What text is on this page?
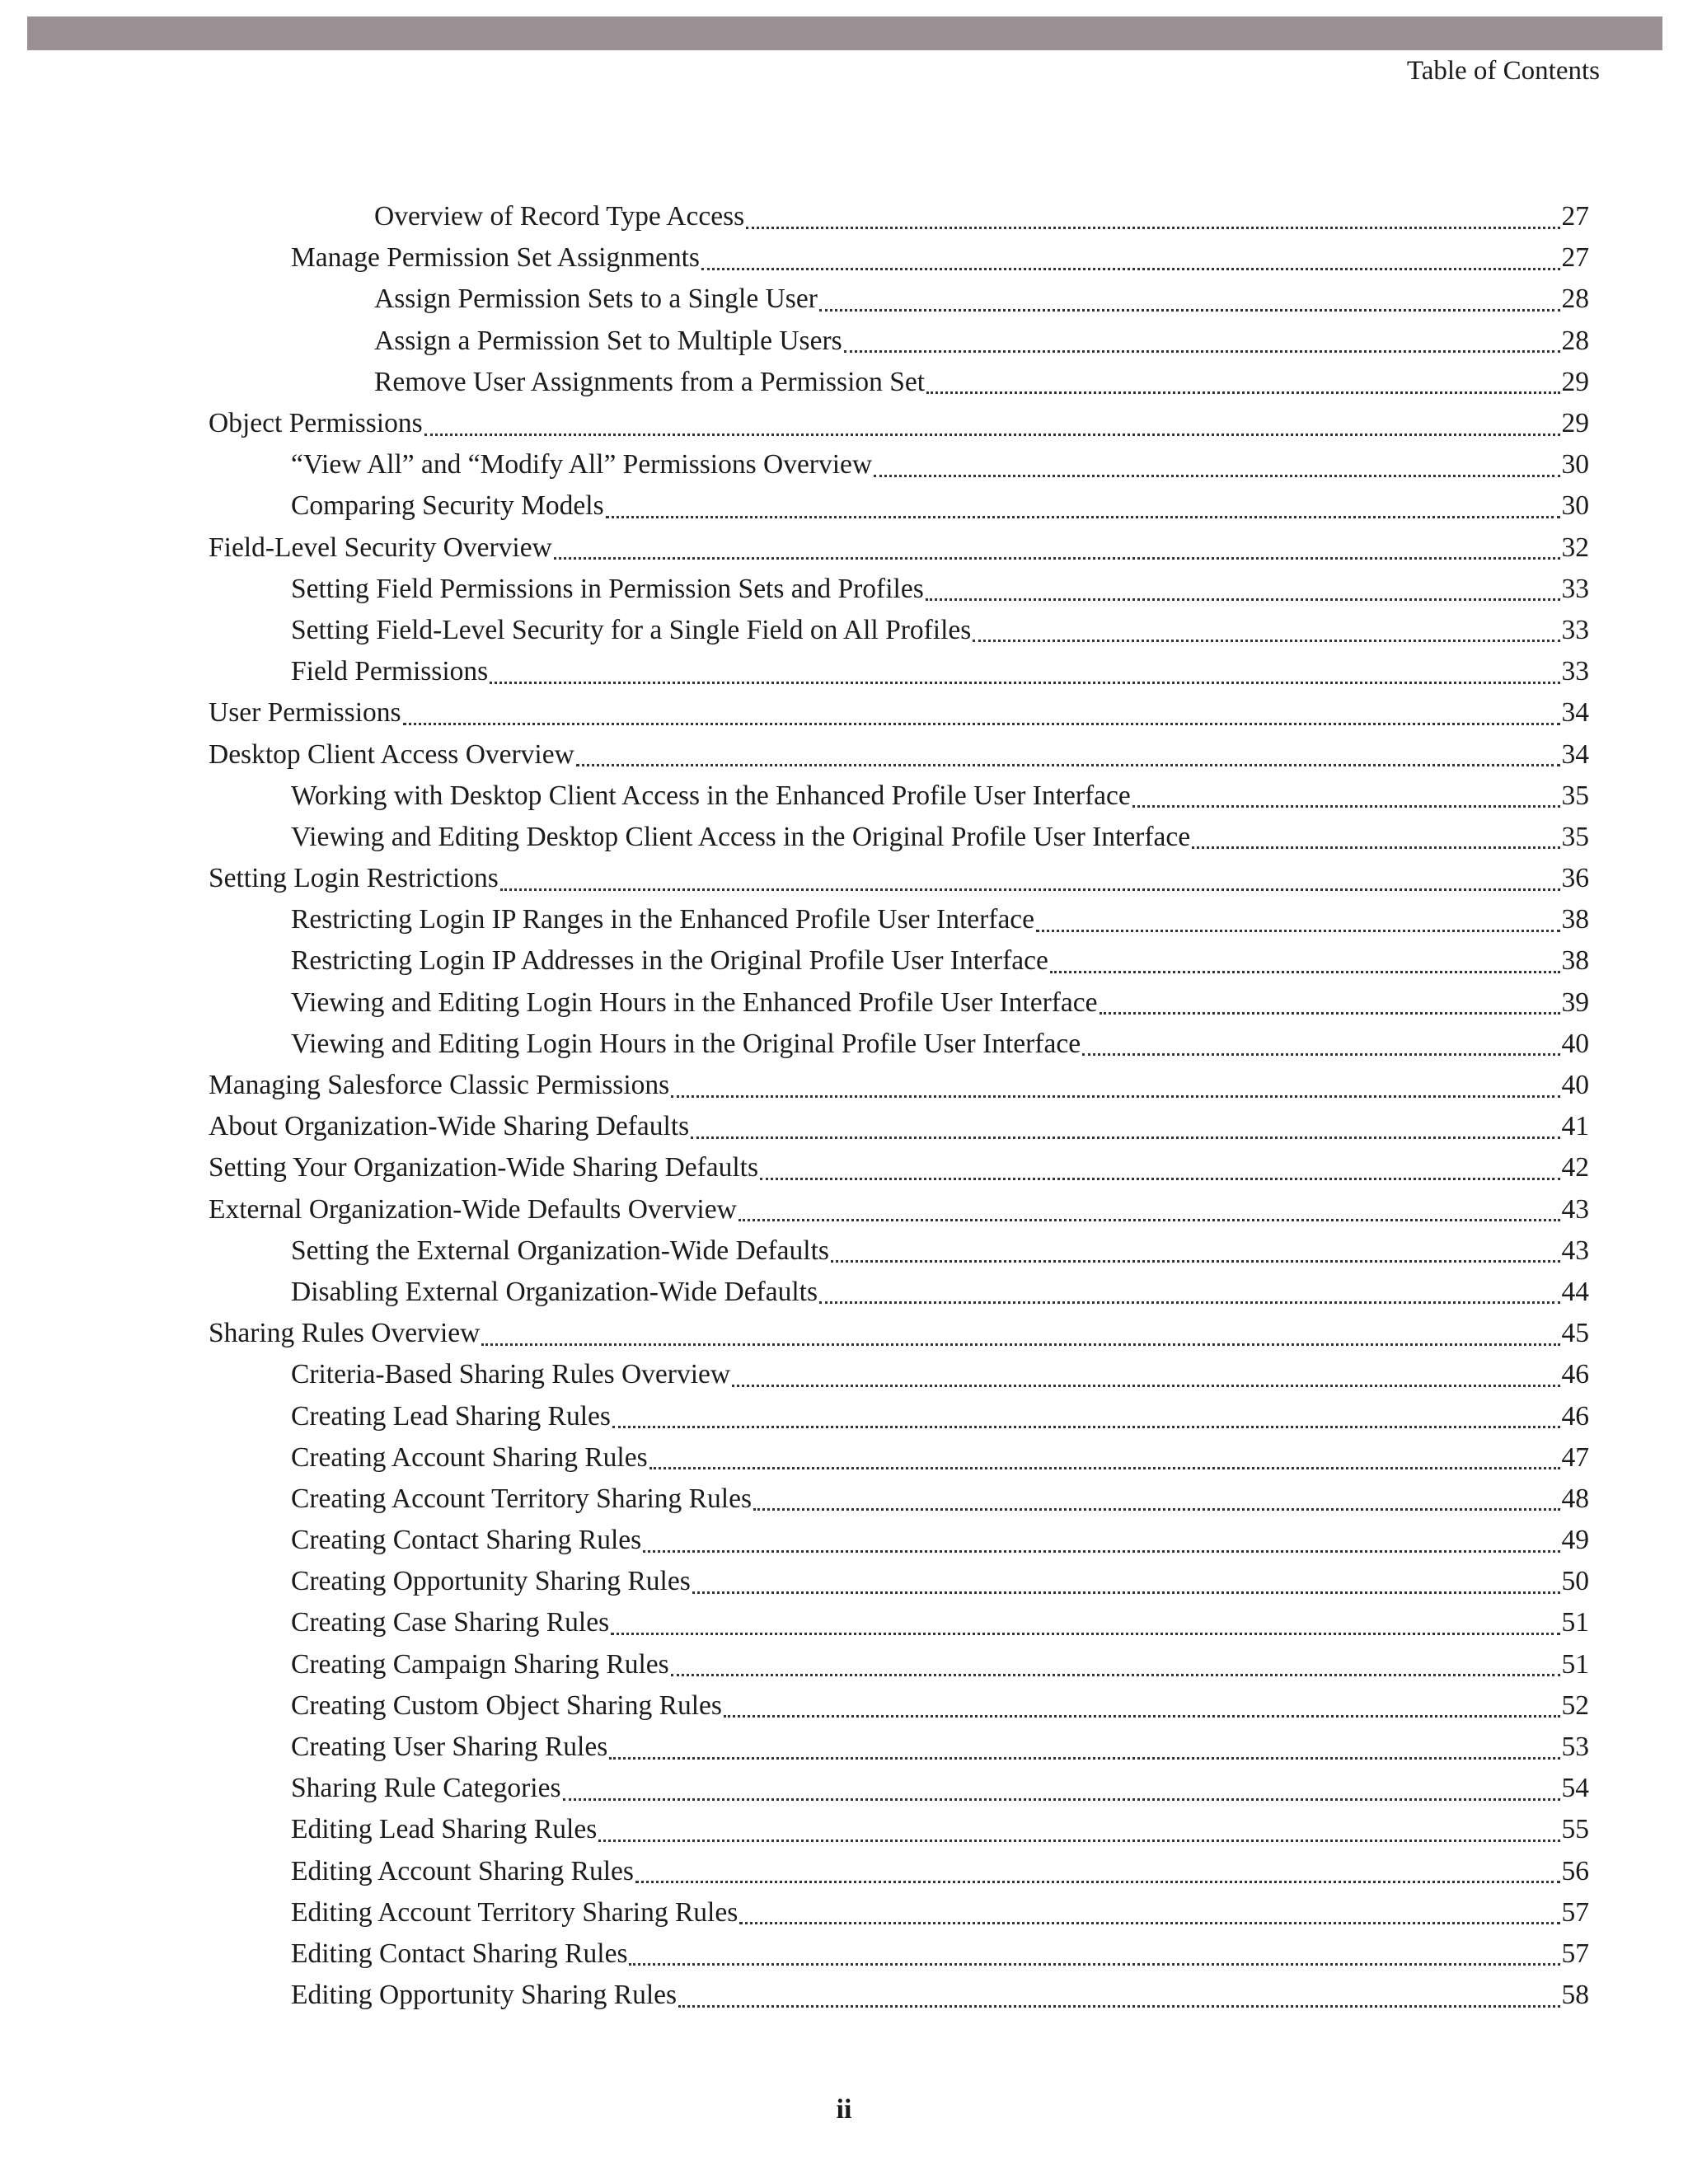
Table of Contents
Overview of Record Type Access	27
Manage Permission Set Assignments	27
Assign Permission Sets to a Single User	28
Assign a Permission Set to Multiple Users	28
Remove User Assignments from a Permission Set	29
Object Permissions	29
“View All” and “Modify All” Permissions Overview	30
Comparing Security Models	30
Field-Level Security Overview	32
Setting Field Permissions in Permission Sets and Profiles	33
Setting Field-Level Security for a Single Field on All Profiles	33
Field Permissions	33
User Permissions	34
Desktop Client Access Overview	34
Working with Desktop Client Access in the Enhanced Profile User Interface	35
Viewing and Editing Desktop Client Access in the Original Profile User Interface	35
Setting Login Restrictions	36
Restricting Login IP Ranges in the Enhanced Profile User Interface	38
Restricting Login IP Addresses in the Original Profile User Interface	38
Viewing and Editing Login Hours in the Enhanced Profile User Interface	39
Viewing and Editing Login Hours in the Original Profile User Interface	40
Managing Salesforce Classic Permissions	40
About Organization-Wide Sharing Defaults	41
Setting Your Organization-Wide Sharing Defaults	42
External Organization-Wide Defaults Overview	43
Setting the External Organization-Wide Defaults	43
Disabling External Organization-Wide Defaults	44
Sharing Rules Overview	45
Criteria-Based Sharing Rules Overview	46
Creating Lead Sharing Rules	46
Creating Account Sharing Rules	47
Creating Account Territory Sharing Rules	48
Creating Contact Sharing Rules	49
Creating Opportunity Sharing Rules	50
Creating Case Sharing Rules	51
Creating Campaign Sharing Rules	51
Creating Custom Object Sharing Rules	52
Creating User Sharing Rules	53
Sharing Rule Categories	54
Editing Lead Sharing Rules	55
Editing Account Sharing Rules	56
Editing Account Territory Sharing Rules	57
Editing Contact Sharing Rules	57
Editing Opportunity Sharing Rules	58
ii
